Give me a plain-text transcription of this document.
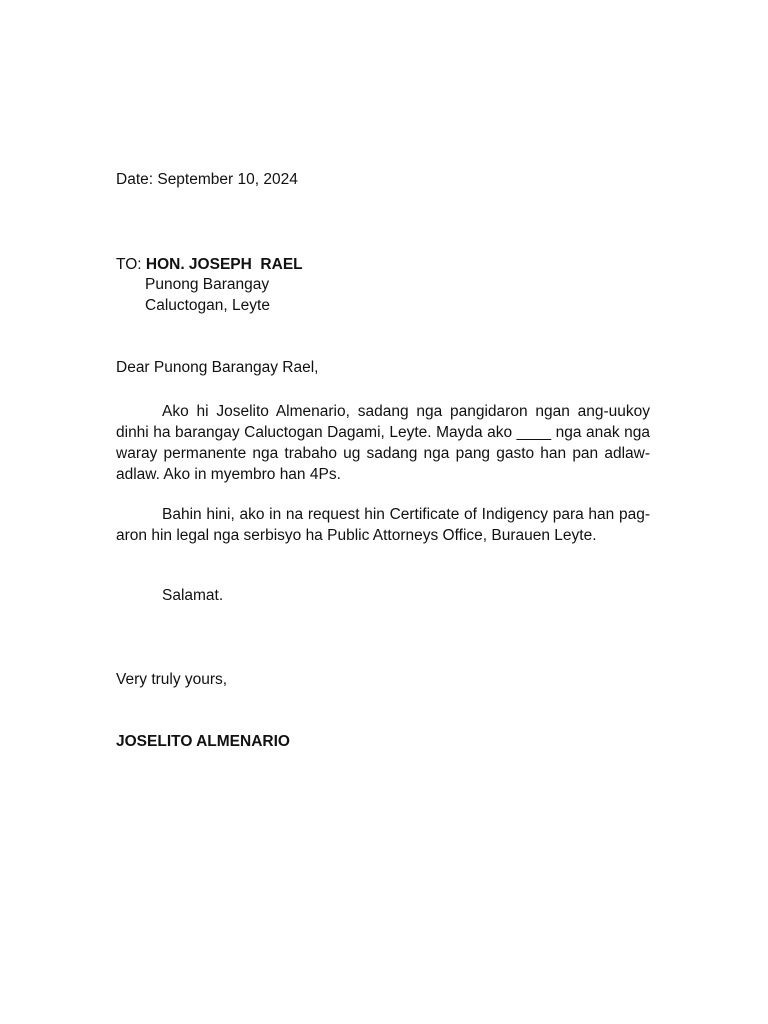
Date: September 10, 2024
TO: HON. JOSEPH  RAEL
Punong Barangay
Caluctogan, Leyte
Dear Punong Barangay Rael,
Ako hi Joselito Almenario, sadang nga pangidaron ngan ang-uukoy dinhi ha barangay Caluctogan Dagami, Leyte. Mayda ako ____ nga anak nga waray permanente nga trabaho ug sadang nga pang gasto han pan adlaw-adlaw. Ako in myembro han 4Ps.
Bahin hini, ako in na request hin Certificate of Indigency para han pag-aron hin legal nga serbisyo ha Public Attorneys Office, Burauen Leyte.
Salamat.
Very truly yours,
JOSELITO ALMENARIO
